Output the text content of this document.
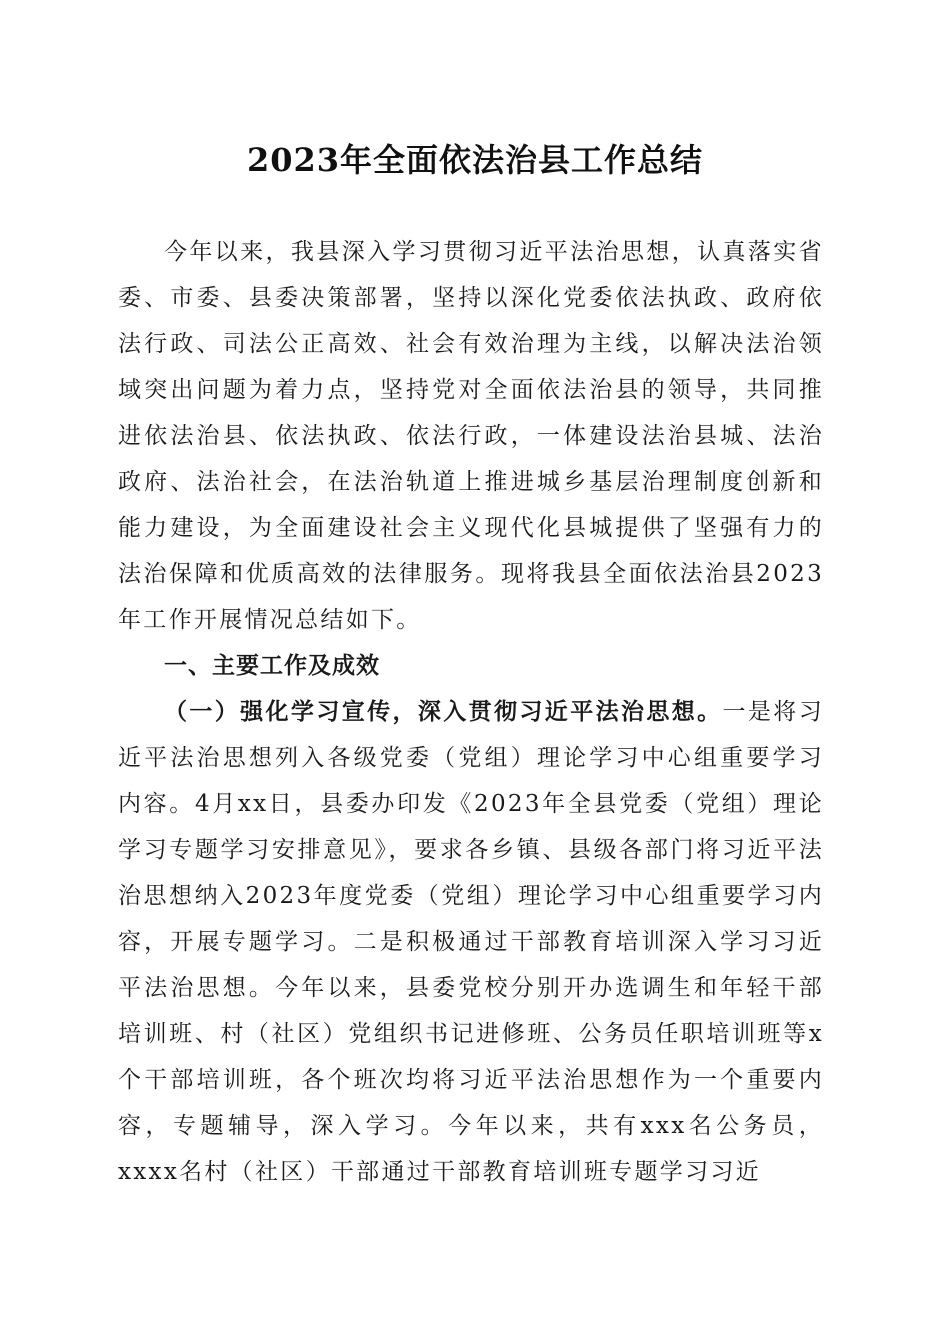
2023年全面依法治县工作总结

今年以来，我县深入学习贯彻习近平法治思想，认真落实省委、市委、县委决策部署，坚持以深化党委依法执政、政府依法行政、司法公正高效、社会有效治理为主线，以解决法治领域突出问题为着力点，坚持党对全面依法治县的领导，共同推进依法治县、依法执政、依法行政，一体建设法治县城、法治政府、法治社会，在法治轨道上推进城乡基层治理制度创新和能力建设，为全面建设社会主义现代化县城提供了坚强有力的法治保障和优质高效的法律服务。现将我县全面依法治县2023年工作开展情况总结如下。

一、主要工作及成效

（一）强化学习宣传，深入贯彻习近平法治思想。一是将习近平法治思想列入各级党委（党组）理论学习中心组重要学习内容。4月xx日，县委办印发《2023年全县党委（党组）理论学习专题学习安排意见》，要求各乡镇、县级各部门将习近平法治思想纳入2023年度党委（党组）理论学习中心组重要学习内容，开展专题学习。二是积极通过干部教育培训深入学习习近平法治思想。今年以来，县委党校分别开办选调生和年轻干部培训班、村（社区）党组织书记进修班、公务员任职培训班等x个干部培训班，各个班次均将习近平法治思想作为一个重要内容，专题辅导，深入学习。今年以来，共有xxx名公务员，xxxx名村（社区）干部通过干部教育培训班专题学习习近
